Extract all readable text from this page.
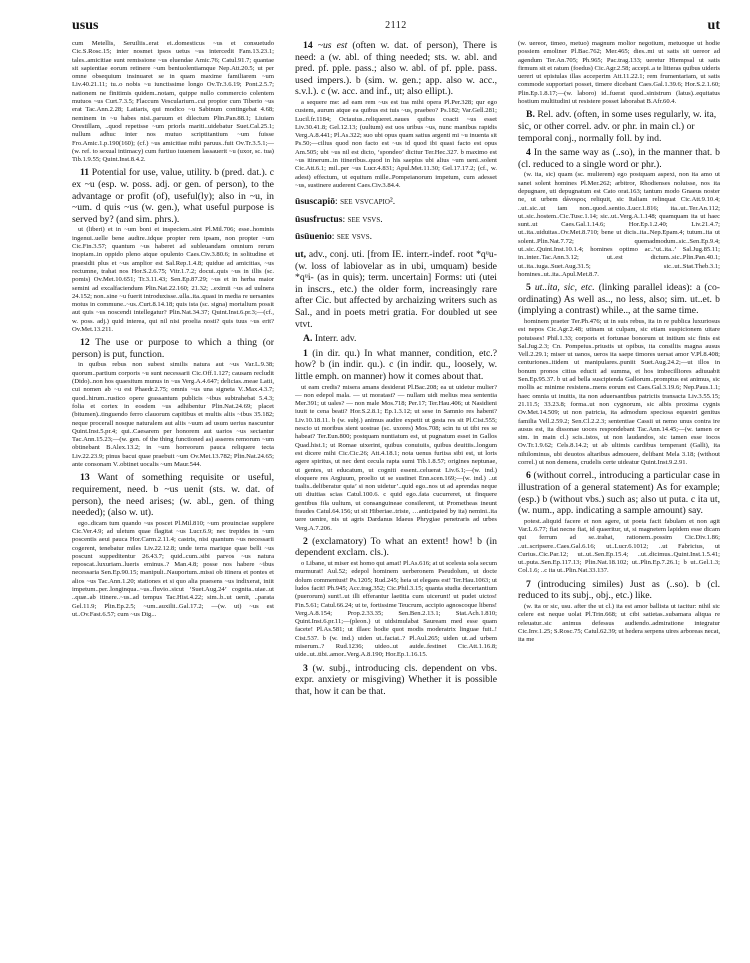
usus	2112	ut

cum Metellis, Seruiliis..erat ei..domesticus ~us et consuetudo Cic.S.Rosc.15; inter nosmet ipsos uetus ~us intercedit Fam.13.23.1; tales..amicitiae sunt remissione ~us eluendae Amic.76; Catul.91.7; quantae sit sapientiae eorum retinere ~um beniuolentiamque Nep.Att.20.5; ut per omne obsequium insinuaret se in quam maxime familiarem ~um Liv.40.21.11; tu..o nobis ~u iunctissime longo Ov.Tr.3.6.19; Pont.2.5.7; nationem ne finitimis quidem..notam, quippe nullo commercio colentem mutuos ~us Curt.7.3.5; Flaccum Vesculariurn..cui propior cum Tiberio ~us erat Tac.Ann.2.28; Latiaris, qui modico ~u Sabinum contingebat 4.68; neminem in ~u habes nisi..paruum et dilectum Plin.Pan.88.1; Liuiam Orestillam, ..quod repetisse ~um priorls mariti..uidebatur Suet.Cal.25.1; nullum adhuc inter nos mutuo scriptitantium ~um fuisse Fro.Amic.1.p.190(160); (cf.) ~us amicitiae mihi paruus..fuit Ov.Tr.3.5.1;—(w. ref. to sexual intimacy) cum furtiuo iuuenem lassauerit ~u (uxor, sc. tua) Tib.1.9.55; Quint.Inst.8.4.2.

11 Potential for use, value, utility. b (pred. dat.). c ex ~u (esp. w. poss. adj. or gen. of person), to the advantage or profit (of), useful(ly); also in ~u, in ~um. d quis ~us (w. gen.), what useful purpose is served by? (and sim. phrs.).

ut (liberi) et in ~um boni et inspeciem..sint Pl.Mil.706; esse..hominis ingenui..uelle bene audire..idque propter rem ipsam, non propter ~um Cic.Fin.3.57; quantum ~us haberet ad subleuandam omnium rerum inopiam..in oppido pleno atque opulento Caes.Civ.3.80.6; in solitudine et praesidii plus et ~us amplior est Sal.Rep.1.4.8; quidue ad amicitias, ~us rectumne, trahat nos Hor.S.2.6.75; Vitr.1.7.2; docui..quis ~us in illis (sc. pomis) Ov.Met.10.651; Tr.3.11.43; Sen.Ep.87.29; ~us et in herba maior semini ad excalfaciendum Plin.Nat.22.160; 21.32; ..eximii ~us ad uulnera 24.152; non..sine ~u fuerit introduxisse..ulla..ita..quasi in media re uersantes motus in commune..~us..Curt.8.14.18; quis ista (sc. signa) mortalium possit aut quis ~us noscendi intellegatur? Plin.Nat.34.37; Quint.Inst.6.pr.3;—(cf., w. poss. adj.) quid interea, qui nil nisi proelia nosti? quis tuus ~us erit? Ov.Met.13.211.

12 The use or purpose to which a thing (or person) is put, function.

in quibus rebus non subest similis natura aut ~us Var.L.9.38; quorum..partium corporis ~u sunt necessarii Cic.Off.1.127; causam recludit (Dido)..non hos quaesitum munus in ~us Verg.A.4.647; delicias..meae Latii, cui nomen ab ~u est Phaedr.2.75; omnis ~us una signeta V..Max.4.3.7; quod..hirum..rustico opere grassantum publicis ~ibus subtrahebat 5.4.3; folia et cortex in eosdem ~us adhibentur Plin.Nat.24.69; placet (bitumen)..tinguendo ferro clauorum capitibus et multis aliis ~ibus 35.182; neque procerall nosque naturalem aut aliis ~uum ad usum uerius nascuntur Quint.Inst.5.pr.4; qui..Caesarem per honorem aut uarios ~us sectantur Tac.Ann.15.23;—(w. gen. of the thing functioned as) asseres remorum ~um obtinebant B.Alex.13.2; in ~um horreorum pauca reliquere tecta Liv.22.23.9; pinus bacui quae praebuit ~um Ov.Met.13.782; Plin.Nat.24.65; ante consonam V..obtinet uocalis ~um Maur.544.

13 Want of something requisite or useful, requirement, need. b ~us uenit (sts. w. dat. of person), the need arises; (w. abl., gen. of thing needed); (also w. ut).

ego..dicam tum quando ~us poscet Pl.Mil.810; ~um prouinciae supplere Cic.Ver.4.9; ad uletum quae flagitat ~us Lucr.6.9; nec trepides in ~um poscentis aeui pauca Hor.Carm.2.11.4; castris, nisi quantum ~us necessarii cogerent, tenebatur miles Liv.22.12.8; unde terra marique quae belli ~us poscunt suppeditentur 26.43.7; quid..cum..sibi parvos ~us natura reposcat..luxuriam..lueris eminus..? Man.4.8; posse nos habere ~ibus necessaria Sen.Ep.90.15; manipuli..Nauportum..missi ob itinera et pontes et alios ~us Tac.Ann.1.20; stationes et si quo alia praesens ~us indixerat, iniit impetum..per..longinqua..~us..fluvio..sicut ‘Suet.Aug.24’ cognita..uiae..ut ..quæ..ab itinere..~us..ad tempus Tac.Hist.4.22; sim..b..ut uenit, ..parata Gel.11.9; Plin.Ep.2.5; ~um..auxilii..Gal.17.2; —(w. ut) ~us est ut..Ov.Fast.6.57; cum ~us Dig...

14 ~us est (often w. dat. of person), There is need: a (w. abl. of thing needed; sts. w. abl. and pred. pf. pple. pass.; also w. abl. of pf. pple. pass. used impers.). b (sim. w. gen.; app. also w. acc., s.v.l.). c (w. acc. and inf., ut; also ellipt.).

a sequere me: ad eam rem ~us est tua mihi opera Pl.Per.328; qur ego custem, aurum atque ea quibus est tuis ~us, praebeo? Ps.182; Var.Gell.281; Lucil.fr.1184; Octauius..reliqueret..naues quibus coacti ~us esset Liv.30.41.8; Gel.12.13; (uultum) est uos uribus ~us, nunc manibus rapidis Verg.A.8.441; Pl.As.322; suo ubi opus quam satius argenti mi ~u inuenta sit Ps.50;—cilius quod non facto est ~us id quod ibi quasi facto est opus Am.505; ubi ~us nil est dicto, ‘spondeo’ dicitur Ter.Hec.327. b maximo est ~us itinerum..in itineribus..quod in his saepius ubi alius ~um ueni..solent Cic.Att.6.1; mil..per ~us Lucr.4.831; Apul.Met.11.30; Gel.17.17.2; (cf., w. adest) effectum, ut equitum mille..Pompeianorum impetum, cum adesset ~us, sustinere auderent Caes.Civ.3.84.4.

ūsuscapiō: see vsvcapio².

ūsusfructus: see vsvs.

ūsūuenio: see vsvs.

ut, adv., conj. uti. [from IE. interr.-indef. root *qᵘu- (w. loss of labiovelar as in ubi, umquam) beside *qᵘi- (as in quis); term. uncertain] Forms: uti (utei in inscrs., etc.) the older form, increasingly rare after Cic. but affected by archaizing writers such as Sal., and in poets metri gratia. For doubled ut see vtvt.

A. Interr. adv.

1 (in dir. qu.) In what manner, condition, etc.? how? b (in indir. qu.). c (in indir. qu., loosely, w. little emph. on manner) how it comes about that.

ut eam credis? misera amans desiderat Pl.Bac.208; ea ut uidetur mulier? — non edepol mala. — ut moratast? — nullam uidi melius mea sententia Mer.391; ut uales? — non male Mos.718; Per.17; Ter.Hau.406; ut Nasidieni iuuit te cena beati? Hor.S.2.8.1; Ep.1.3.12; ut sese in Samnio res habent? Liv.10.18.11. b (w. subj.) animus audire expetit ut gesta res sit Pl.Cist.555; nescio ut moribus sient uostrae (sc. uxores) Mos.708; scin tu ut tibi res se habeat? Ter.Eun.800; postquam nuntiatum est, ut pugnatum esset in Gallos Quad.hist.1; ut Romae uixerint, quibus conuiuiis, quibus deuitiis..longum est dicere mihi Cic.Cic.26; Att.4.18.1; nota uenus furiisa sibi est, ut loris agere spiritus, ut nec dent cecula rapta sumi Tib.1.8.57; origines neptunae, ut gentes, ut educatum, ut cogniti essent..celuerat Liv.6.1;—(w. ind.) eloquere res Argiuum, proelio ut se sustinet Enn.scen.169;—(w. ind.) ..ut tualis..deliberatur quia’ si non uidetur’..quid ego..nos ut ad aprendas neque uti diuitias scias Catul.100.6. c quid ego..fata cucurreret, ut finquere gentibus fila uultum, ut consanguineae consilerent, ut Prometheas ineunt fraudes Catul.64.156; ut sit Hiberiae..triste, …anticipated by ita) nemini..ita uere uenire, nis ut agris Dardanus Idaeus Phrygiae penetraris ad urbes Verg.A.7.206.

2 (exclamatory) To what an extent! how! b (in dependent exclam. cls.).

o Libane, ut miser est homo qui amat! Pl.As.616; at ut scelesta sola secum murmurat! Aul.52; edepol hominem uerberonem Pseudolum, ut docte dolum commentust! Ps.1205; Rud.245; heia ut elegans est! Ter.Hau.1063; ut ludos facit! Ph.945; Acc.trag.352; Cic.Phil.3.15; quanta studia decertantium (puerorum) sunt!..ut illi efferantur laetitia cum uicerunt! ut pudet uictos! Fin.5.61; Catul.66.24; ut te, fortissime Teucrum, accipio agnoscoque libens! Verg.A.8.154; Prop.2.33.35; Sen.Ben.2.13.1; Stat.Ach.1.810; Quint.Inst.6.pr.11;—(pleon.) ut uidsimulabat Sauream med esse quam facete! Pl.As.581; ut illaec hodie quot modis moderatrix linguae fuit..! Cist.537. b (w. ind.) uiden ut..faciat..? Pl.Aul.265; uiden ut..ad urbem miserum..? Rud.1236; uideo..ut auide..festinet Cic.Att.1.16.8; uide..ut..tibi..amor..Verg.A.8.190; Hor.Ep.1.16.15.

3 (w. subj., introducing cls. dependent on vbs. expr. anxiety or misgiving) Whether it is possible that, how it can be that.

(w. uereor, timeo, metuo) magnum molior negotium, metuoque ut hodie possiem emoliner Pl.Bac.762; Mer.465; dies..mi ut satis sit uereor ad agendum Ter.An.705; Ph.965; Pac.trag.133; ueretur Hiempsal ut satis firmum sit et ratum (foedus) Cic.Agr.2.58; accepi..a te litteras quibus uideris uereri ut epistulas illas acceperim Att.11.22.1; rem frumentariam, ut satis commode supportari posset, timere dicebant Caes.Gal.1.39.6; Hor.S.2.1.60; Plin.Ep.1.8.17;—(w. laboro) id..fuerat quod..sinistrum (latus)..equitatus hostium multitudini ut resistere posset laborabat B.Afr.60.4.

B. Rel. adv. (often, in some uses regularly, w. ita, sic, or other correl. adv. or phr. in main cl.) or temporal conj., normally foll. by ind.

4 In the same way as (..so), in the manner that. b (cl. reduced to a single word or phr.).

(w. ita, sic) quam (sc. mulierem) ego postquam aspexi, non ita amo ut sanei solent homines Pl.Mer.262; arbitror, Rhodienses noluisse, nos ita depugnare, uti depugnatum est Cato orat.163; tantum modo Gnaeus noster ne, ut urbem dáνοιρος reliquit, sic Italiam relinquat Cic.Att.9.10.4; ..ut..sic..ut iam non..quod..sentio..Lucr.1.816; ita..ut..Ter.An.112; ut..sic..hostem..Cic.Tusc.1.14; sic..ut..Verg.A.1.148; quamquam ita ut haec sunt..ut Caes.Gal.1.14.6; Hor.Ep.1.2.40; Liv.21.4.7; ut..ita..uiduitas..Ov.Met.8.710; bene ut dicis..ita..Nep.Epam.4; tutum..ita ut solent..Plin.Nat.7.72; quemadmodum..sic..Sen.Ep.9.4; ut..sic..Quint.Inst.10.1.4; homines optimo ac..‘ut..ita..’ Sal.Jug.85.11; in..inter..Tac.Ann.3.12; ut..est dictum..sic..Plin.Pan.40.1; ut..ita..iuga..Suet.Aug.31.5; sic..ut..Stat.Theb.3.1; homines..ut..ita..Apul.Met.8.7.

5 ut..ita, sic, etc. (linking parallel ideas): a (co-ordinating) As well as.., no less, also; sim. ut..et. b (implying a contrast) while.., at the same time.

hominem praeter Ter.Ph.476; ut in suis rebus, ita in re publica luxuriosus est nepos Cic.Agr.2.48; utinam ut culpam, sic etiam suspicionem uitare potuisses! Phil.1.33; corporis et fortunae bonorum ut initium sic finis est Sal.Jug.2.3; Cn. Pompeius..priustis ut opibus, ita consiliis magna ausus Vell.2.29.1; miser ut uanos, ueros ita saepe timores uersat amor V.Pl.8.408; centuriones..itidem ut manipulares..puniit Suet.Aug.24.2;—ut illos in bonum pronos citius educit ad summa, et hos imbecilliores adiuuabit Sen.Ep.95.37. b ut ad bella suscipienda Gallorum..promptus est animus, sic mollis ac minime resistens..mens eorum est Caes.Gal.3.19.6; Nep.Paus.1.1; haec omnia ut inuitis, ita non aduersantibus patriciis transacta Liv.3.55.15; 21.11.5; 33.23.8; forma..ut non cygnorum, sic albis proxima cygnis Ov.Met.14.509; ut non patricia, ita admodum speciosa equestri genitus familia Vell.2.59.2; Sen.Cl.2.2.3; sententiae Cassii ut nemo unus contra ire ausus est, ita dissonae uoces respondebant Tac.Ann.14.45;—(w. tamen or sim. in main cl.) scis..istos, ut non laudandos, sic tamen esse iocos Ov.Tr.1.9.62; Cels.8.14.2; ut ab ultimis cardibus temperant (Galli), ita nihilominus, ubi deuotos altaribus admouere, delibant Mela 3.18; (without correl.) ut non demens, crudelis certe uideatur Quint.Inst.9.2.91.

6 (without correl., introducing a particular case in illustration of a general statement) As for example; (esp.) b (without vbs.) such as; also ut puta. c ita ut, (w. num., app. indicating a sample amount) say.

potest..aliquid facere et non agere, ut poeta facit fabulam et non agit Var.L.6.77; fiat necne fiat, id quaeritur, ut, si magnetem lapidem esse dicam qui ferrum ad se..trahat, rationem..possim Cic.Div.1.86; ..ut..scripsere..Caes.Gal.6.16; ut..Lucr.6.1012; ..ut Fabricius, ut Curius..Cic.Par.12; ut..ut..Sen.Ep.15.4; ..ut..dicimus..Quint.Inst.1.5.41; ut..puta..Sen.Ep.117.13; Plin.Nat.18.102; ut..Plin.Ep.7.26.1; b ut..Gel.1.3; Col.1.6; ..c ita ut..Plin.Nat.33.137.

7 (introducing similes) Just as (..so). b (cl. reduced to its subj., obj., etc.) like.

(w. ita or sic, usu. after the ut cl.) ita est amor ballista ut iacitur: nihil sic celere est neque uolat Pl.Trin.668; ut cibi satietas..subamara aliqua re releuatur..sic animus defessus audiendo..admiratione integratur Cic.Inv.1.25; S.Rosc.75; Catul.62.39; ut hedera serpens uires arboreas necat, ita me
